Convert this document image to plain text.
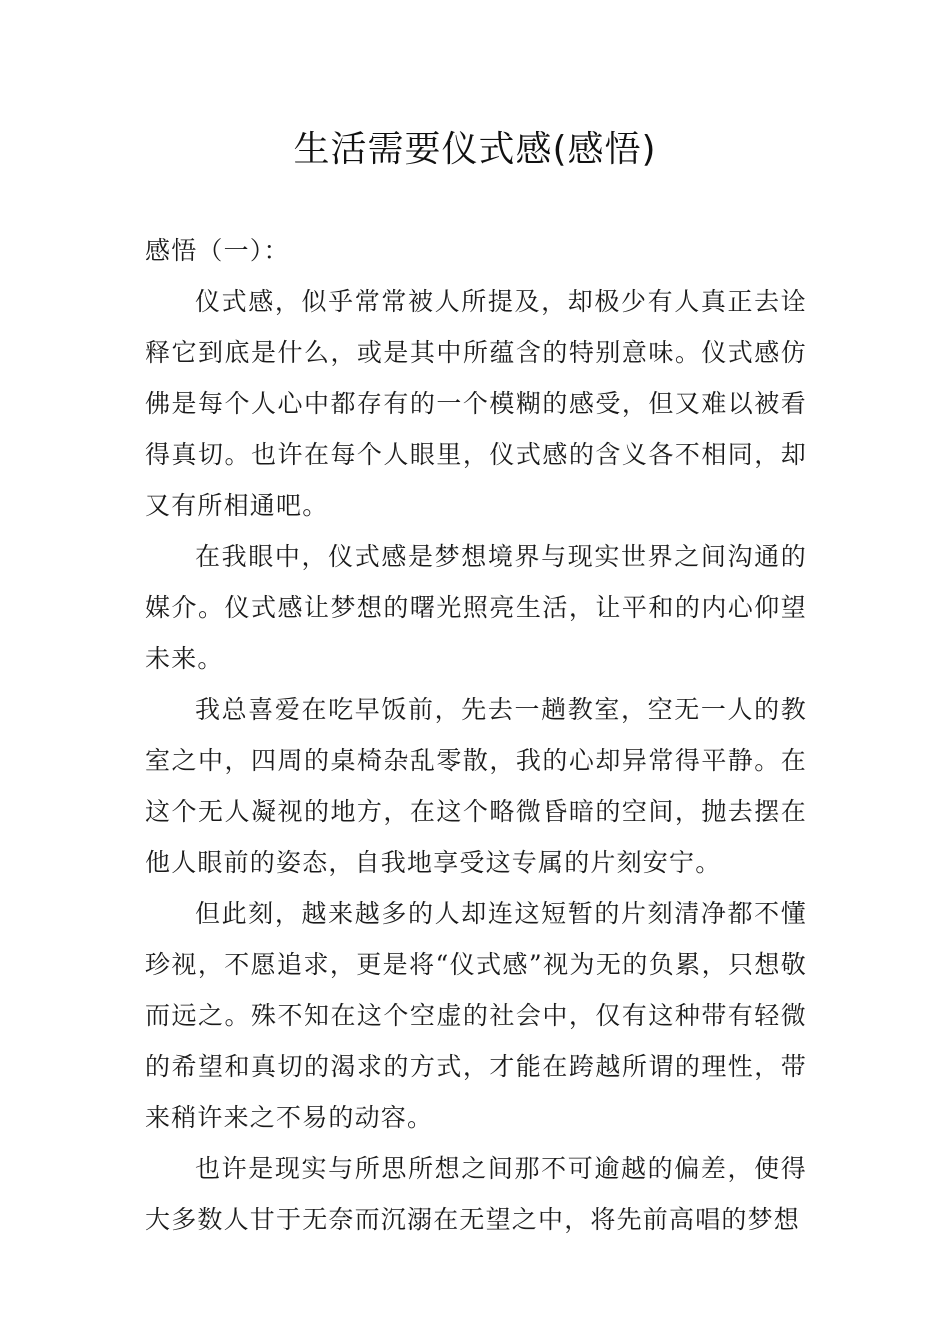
生活需要仪式感(感悟)

感悟（一）：

仪式感，似乎常常被人所提及，却极少有人真正去诠释它到底是什么，或是其中所蕴含的特别意味。仪式感仿佛是每个人心中都存有的一个模糊的感受，但又难以被看得真切。也许在每个人眼里，仪式感的含义各不相同，却又有所相通吧。

在我眼中，仪式感是梦想境界与现实世界之间沟通的媒介。仪式感让梦想的曙光照亮生活，让平和的内心仰望未来。

我总喜爱在吃早饭前，先去一趟教室，空无一人的教室之中，四周的桌椅杂乱零散，我的心却异常得平静。在这个无人凝视的地方，在这个略微昏暗的空间，抛去摆在他人眼前的姿态，自我地享受这专属的片刻安宁。

但此刻，越来越多的人却连这短暂的片刻清净都不懂珍视，不愿追求，更是将“仪式感”视为无的负累，只想敬而远之。殊不知在这个空虚的社会中，仅有这种带有轻微的希望和真切的渴求的方式，才能在跨越所谓的理性，带来稍许来之不易的动容。

也许是现实与所思所想之间那不可逾越的偏差，使得大多数人甘于无奈而沉溺在无望之中，将先前高唱的梦想
